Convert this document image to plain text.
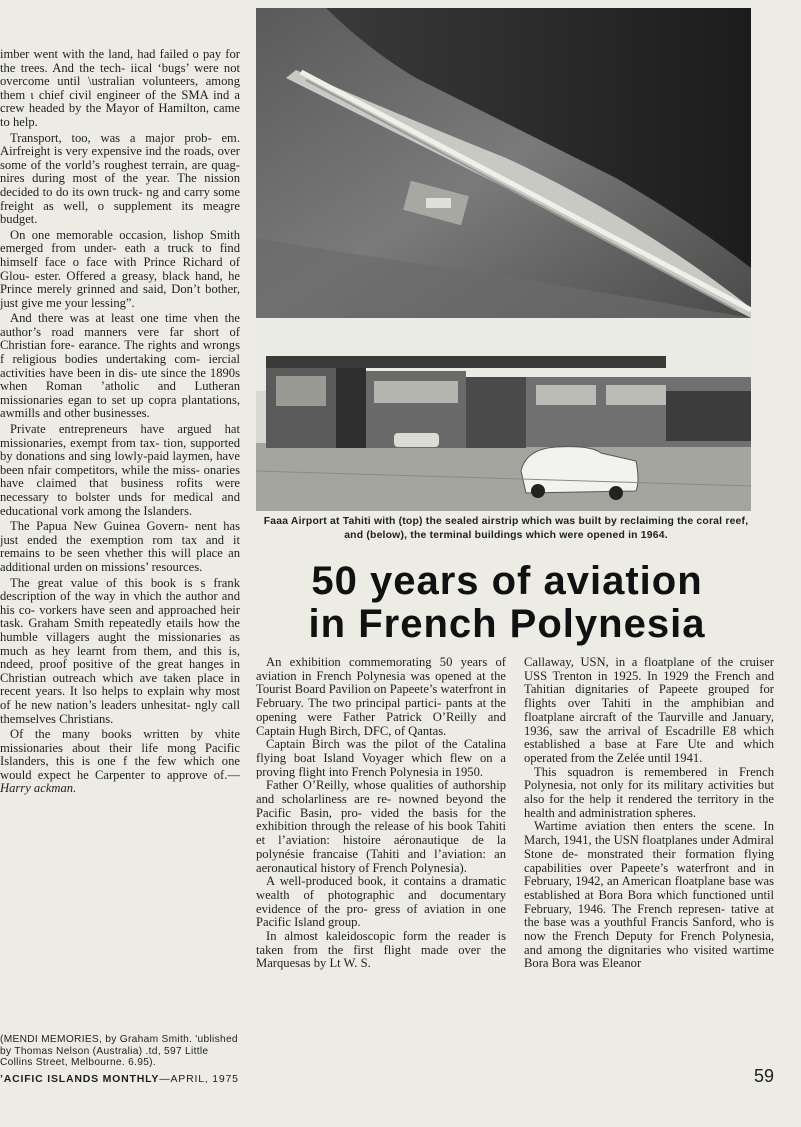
imber went with the land, had failed o pay for the trees. And the tech- iical ‘bugs’ were not overcome until \ustralian volunteers, among them ι chief civil engineer of the SMA ind a crew headed by the Mayor of Hamilton, came to help.

Transport, too, was a major prob- em. Airfreight is very expensive ind the roads, over some of the vorld’s roughest terrain, are quag- nires during most of the year. The nission decided to do its own truck- ng and carry some freight as well, o supplement its meagre budget.

On one memorable occasion, lishop Smith emerged from under- eath a truck to find himself face o face with Prince Richard of Glou- ester. Offered a greasy, black hand, he Prince merely grinned and said, Don’t bother, just give me your lessing”.

And there was at least one time vhen the author’s road manners vere far short of Christian fore- earance. The rights and wrongs f religious bodies undertaking com- iercial activities have been in dis- ute since the 1890s when Roman ’atholic and Lutheran missionaries egan to set up copra plantations, awmills and other businesses.

Private entrepreneurs have argued hat missionaries, exempt from tax- tion, supported by donations and sing lowly-paid laymen, have been nfair competitors, while the miss- onaries have claimed that business rofits were necessary to bolster unds for medical and educational vork among the Islanders.

The Papua New Guinea Govern- nent has just ended the exemption rom tax and it remains to be seen vhether this will place an additional urden on missions’ resources.

The great value of this book is s frank description of the way in vhich the author and his co- vorkers have seen and approached heir task. Graham Smith repeatedly etails how the humble villagers aught the missionaries as much as hey learnt from them, and this is, ndeed, proof positive of the great hanges in Christian outreach which ave taken place in recent years. It lso helps to explain why most of he new nation’s leaders unhesitat- ngly call themselves Christians.

Of the many books written by vhite missionaries about their life mong Pacific Islanders, this is one f the few which one would expect he Carpenter to approve of.—Harry ackman.

(MENDI MEMORIES, by Graham Smith. 'ublished by Thomas Nelson (Australia) .td, 597 Little Collins Street, Melbourne. 6.95).
Faaa Airport at Tahiti with (top) the sealed airstrip which was built by reclaiming the coral reef, and (below), the terminal buildings which were opened in 1964.
50 years of aviation
in French Polynesia

An exhibition commemorating 50 years of aviation in French Polynesia was opened at the Tourist Board Pavilion on Papeete’s waterfront in February. The two principal partici- pants at the opening were Father Patrick O’Reilly and Captain Hugh Birch, DFC, of Qantas.

Captain Birch was the pilot of the Catalina flying boat Island Voyager which flew on a proving flight into French Polynesia in 1950.

Father O’Reilly, whose qualities of authorship and scholarliness are re- nowned beyond the Pacific Basin, pro- vided the basis for the exhibition through the release of his book Tahiti et l’aviation: histoire aéronautique de la polynésie francaise (Tahiti and l’aviation: an aeronautical history of French Polynesia).

A well-produced book, it contains a dramatic wealth of photographic and documentary evidence of the pro- gress of aviation in one Pacific Island group.

In almost kaleidoscopic form the reader is taken from the first flight made over the Marquesas by Lt W. S.

Callaway, USN, in a floatplane of the cruiser USS Trenton in 1925. In 1929 the French and Tahitian dignitaries of Papeete grouped for flights over Tahiti in the amphibian and floatplane aircraft of the Taurville and January, 1936, saw the arrival of Escadrille E8 which established a base at Fare Ute and which operated from the Zelée until 1941.

This squadron is remembered in French Polynesia, not only for its military activities but also for the help it rendered the territory in the health and administration spheres.

Wartime aviation then enters the scene. In March, 1941, the USN floatplanes under Admiral Stone de- monstrated their formation flying capabilities over Papeete’s waterfront and in February, 1942, an American floatplane base was established at Bora Bora which functioned until February, 1946. The French represen- tative at the base was a youthful Francis Sanford, who is now the French Deputy for French Polynesia, and among the dignitaries who visited wartime Bora Bora was Eleanor

’ACIFIC ISLANDS MONTHLY—APRIL, 1975	59
